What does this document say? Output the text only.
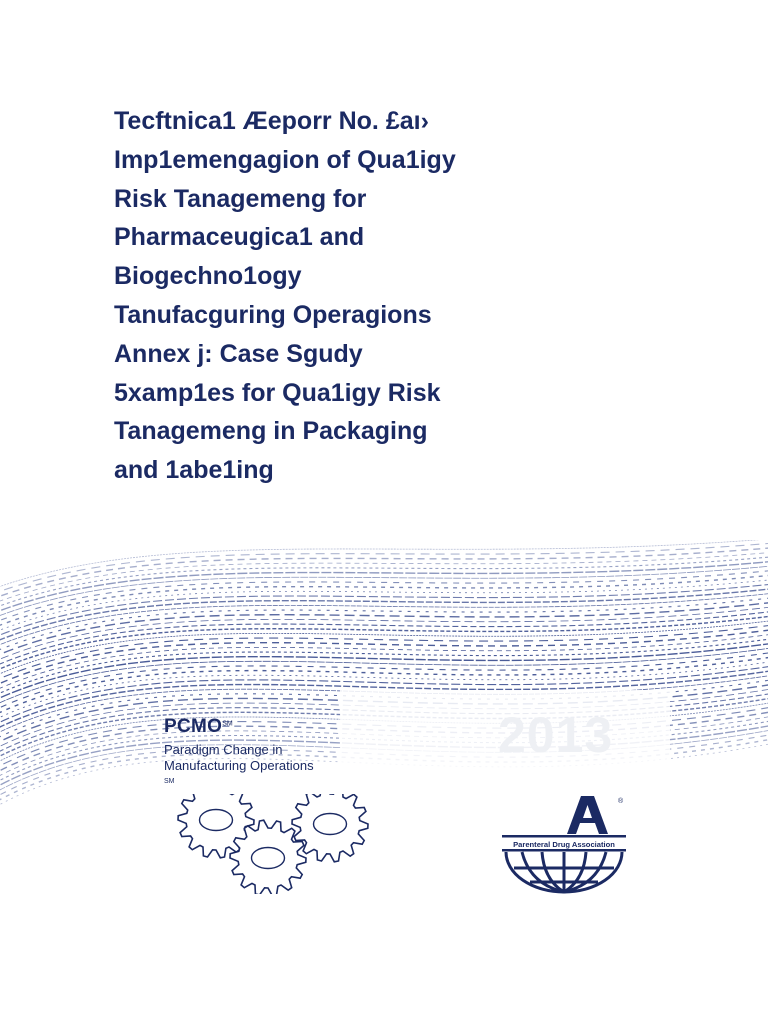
Tecftnica1 Æeporr No. £aı›
Imp1emengagion of Qua1igy
Risk Tanagemeng for
Pharmaceugica1 and
Biogechno1ogy
Tanufacguring Operagions
Annex j: Case Sgudy
5xamp1es for Qua1igy Risk
Tanagemeng in Packaging
and 1abe1ing
2013
PCMO℠
Paradigm Change in
Manufacturing Operations
SM
®
Parenteral Drug Association
